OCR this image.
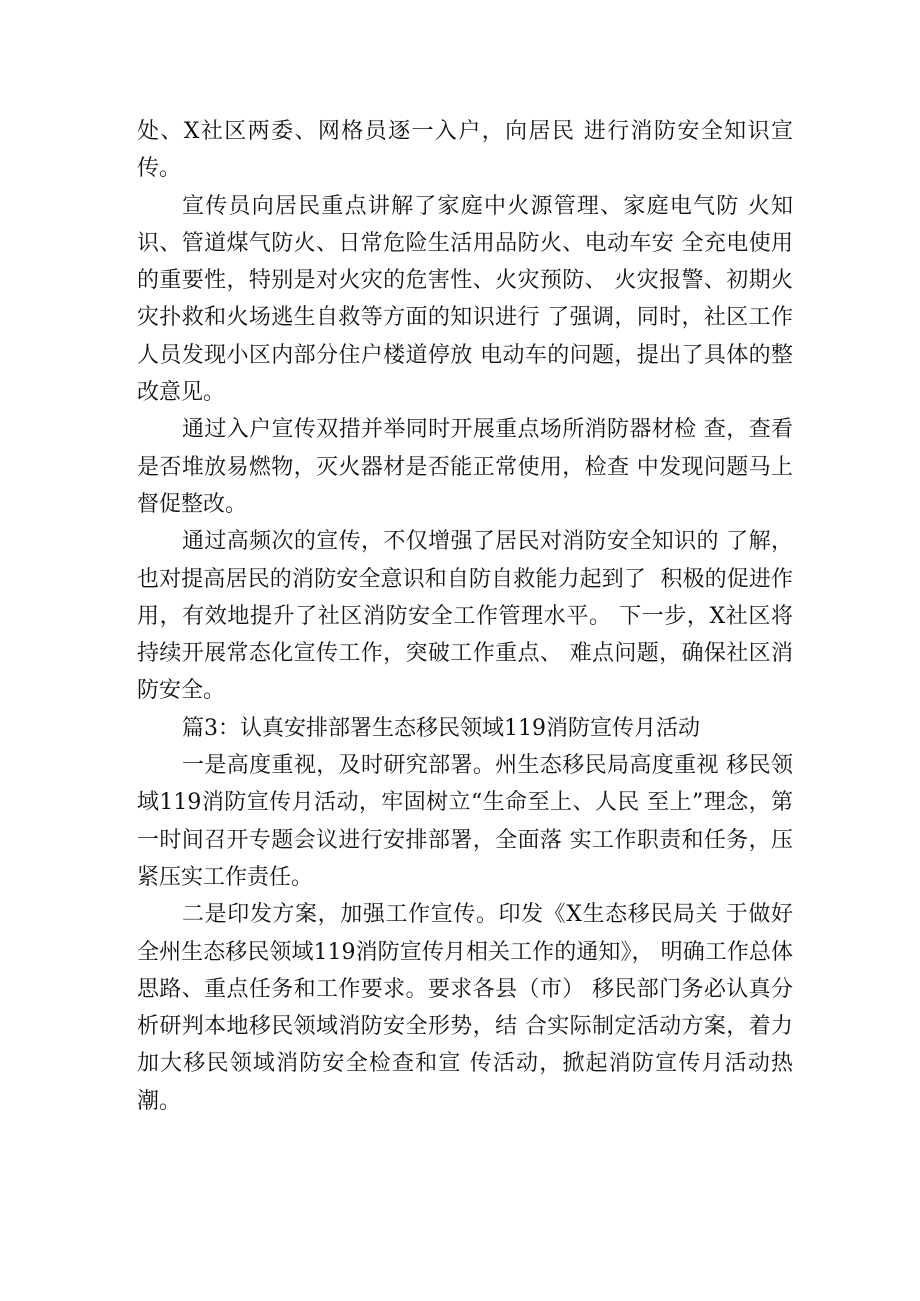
处、X社区两委、网格员逐一入户，向居民 进行消防安全知识宣传。

宣传员向居民重点讲解了家庭中火源管理、家庭电气防 火知识、管道煤气防火、日常危险生活用品防火、电动车安 全充电使用的重要性，特别是对火灾的危害性、火灾预防、 火灾报警、初期火灾扑救和火场逃生自救等方面的知识进行 了强调，同时，社区工作人员发现小区内部分住户楼道停放 电动车的问题，提出了具体的整改意见。

通过入户宣传双措并举同时开展重点场所消防器材检 查，查看是否堆放易燃物，灭火器材是否能正常使用，检查 中发现问题马上督促整改。

通过高频次的宣传，不仅增强了居民对消防安全知识的 了解，也对提高居民的消防安全意识和自防自救能力起到了  积极的促进作用，有效地提升了社区消防安全工作管理水平。 下一步，X社区将持续开展常态化宣传工作，突破工作重点、 难点问题，确保社区消防安全。

篇3：认真安排部署生态移民领域119消防宣传月活动

一是高度重视，及时研究部署。州生态移民局高度重视 移民领域119消防宣传月活动，牢固树立“生命至上、人民 至上”理念，第一时间召开专题会议进行安排部署，全面落 实工作职责和任务，压紧压实工作责任。

二是印发方案，加强工作宣传。印发《X生态移民局关 于做好全州生态移民领域119消防宣传月相关工作的通知》， 明确工作总体思路、重点任务和工作要求。要求各县（市） 移民部门务必认真分析研判本地移民领域消防安全形势，结 合实际制定活动方案，着力加大移民领域消防安全检查和宣 传活动，掀起消防宣传月活动热潮。
